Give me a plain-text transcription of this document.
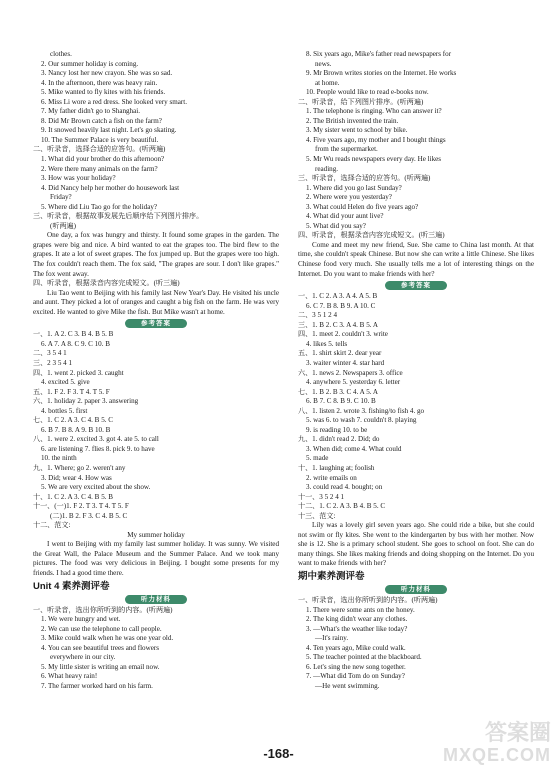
clothes.
2. Our summer holiday is coming.
3. Nancy lost her new crayon. She was so sad.
4. In the afternoon, there was heavy rain.
5. Mike wanted to fly kites with his friends.
6. Miss Li wore a red dress. She looked very smart.
7. My father didn't go to Shanghai.
8. Did Mr Brown catch a fish on the farm?
9. It snowed heavily last night. Let's go skating.
10. The Summer Palace is very beautiful.
二、听录音，选择合适的应答句。(听两遍)
1. What did your brother do this afternoon?
2. Were there many animals on the farm?
3. How was your holiday?
4. Did Nancy help her mother do housework last
Friday?
5. Where did Liu Tao go for the holiday?
三、听录音，根据故事发展先后顺序给下列图片排序。
(听两遍)
One day, a fox was hungry and thirsty. It found some grapes in the garden. The grapes were big and nice. A bird wanted to eat the grapes too. The bird flew to the grapes. It ate a lot of sweet grapes. The fox jumped up. But the grapes were too high. The fox couldn't reach them. The fox said, "The grapes are sour. I don't like grapes." The fox went away.
四、听录音，根据录音内容完成短文。(听三遍)
Liu Tao went to Beijing with his family last New Year's Day. He visited his uncle and aunt. They picked a lot of oranges and caught a big fish on the farm. He was very excited. He wanted to give Mike the fish. But Mike wasn't at home.
参考答案
一、1. A 2. C 3. B 4. B 5. B
6. A 7. A 8. C 9. C 10. B
二、3 5 4 1
三、2 3 5 4 1
四、1. went 2. picked 3. caught
4. excited 5. give
五、1. F 2. F 3. T 4. T 5. F
六、1. holiday 2. paper 3. answering
4. bottles 5. first
七、1. C 2. A 3. C 4. B 5. C
6. B 7. B 8. A 9. B 10. B
八、1. were 2. excited 3. got 4. ate 5. to call
6. are listening 7. flies 8. pick 9. to have
10. the ninth
九、1. Where; go 2. weren't any
3. Did; wear 4. How was
5. We are very excited about the show.
十、1. C 2. A 3. C 4. B 5. B
十一、(一)1. F 2. T 3. T 4. T 5. F
(二)1. B 2. F 3. C 4. B 5. C
十二、范文:
My summer holiday
I went to Beijing with my family last summer holiday. It was sunny. We visited the Great Wall, the Palace Museum and the Summer Palace. And we took many pictures. The food was very delicious in Beijing. I bought some presents for my friends. I had a good time there.
Unit 4 素养测评卷
听力材料
一、听录音，选出你所听到的内容。(听两遍)
1. We were hungry and wet.
2. We can use the telephone to call people.
3. Mike could walk when he was one year old.
4. You can see beautiful trees and flowers
everywhere in our city.
5. My little sister is writing an email now.
6. What heavy rain!
7. The farmer worked hard on his farm.
8. Six years ago, Mike's father read newspapers for
news.
9. Mr Brown writes stories on the Internet. He works
at home.
10. People would like to read e-books now.
二、听录音，给下列图片排序。(听两遍)
1. The telephone is ringing. Who can answer it?
2. The British invented the train.
3. My sister went to school by bike.
4. Five years ago, my mother and I bought things
from the supermarket.
5. Mr Wu reads newspapers every day. He likes
reading.
三、听录音，选择合适的应答句。(听两遍)
1. Where did you go last Sunday?
2. Where were you yesterday?
3. What could Helen do five years ago?
4. What did your aunt live?
5. What did you say?
四、听录音，根据录音内容完成短文。(听三遍)
Come and meet my new friend, Sue. She came to China last month. At that time, she couldn't speak Chinese. But now she can write a little Chinese. She likes Chinese food very much. She usually tells me a lot of interesting things on the Internet. Do you want to make friends with her?
参考答案
一、1. C 2. A 3. A 4. A 5. B
6. C 7. B 8. B 9. A 10. C
二、3 5 1 2 4
三、1. B 2. C 3. A 4. B 5. A
四、1. meet 2. couldn't 3. write
4. likes 5. tells
五、1. shirt skirt 2. dear year
3. waiter winter 4. star hard
六、1. news 2. Newspapers 3. office
4. anywhere 5. yesterday 6. letter
七、1. B 2. B 3. C 4. A 5. A
6. B 7. C 8. B 9. C 10. B
八、1. listen 2. wrote 3. fishing/to fish 4. go
5. was 6. to wash 7. couldn't 8. playing
9. is reading 10. to be
九、1. didn't read 2. Did; do
3. When did; come 4. What could
5. made
十、1. laughing at; foolish
2. write emails on
3. could read 4. bought; on
十一、3 5 2 4 1
十二、1. C 2. A 3. B 4. B 5. C
十三、范文:
Lily was a lovely girl seven years ago. She could ride a bike, but she could not swim or fly kites. She went to the kindergarten by bus with her mother. Now she is 12. She is a primary school student. She goes to school on foot. She can do many things. She likes making friends and doing shopping on the Internet. Do you want to make friends with her?
期中素养测评卷
听力材料
一、听录音，选出你所听到的内容。(听两遍)
1. There were some ants on the honey.
2. The king didn't wear any clothes.
3. —What's the weather like today?
—It's rainy.
4. Ten years ago, Mike could walk.
5. The teacher pointed at the blackboard.
6. Let's sing the new song together.
7. —What did Tom do on Sunday?
—He went swimming.
-168-
答案圈
MXQE.COM
